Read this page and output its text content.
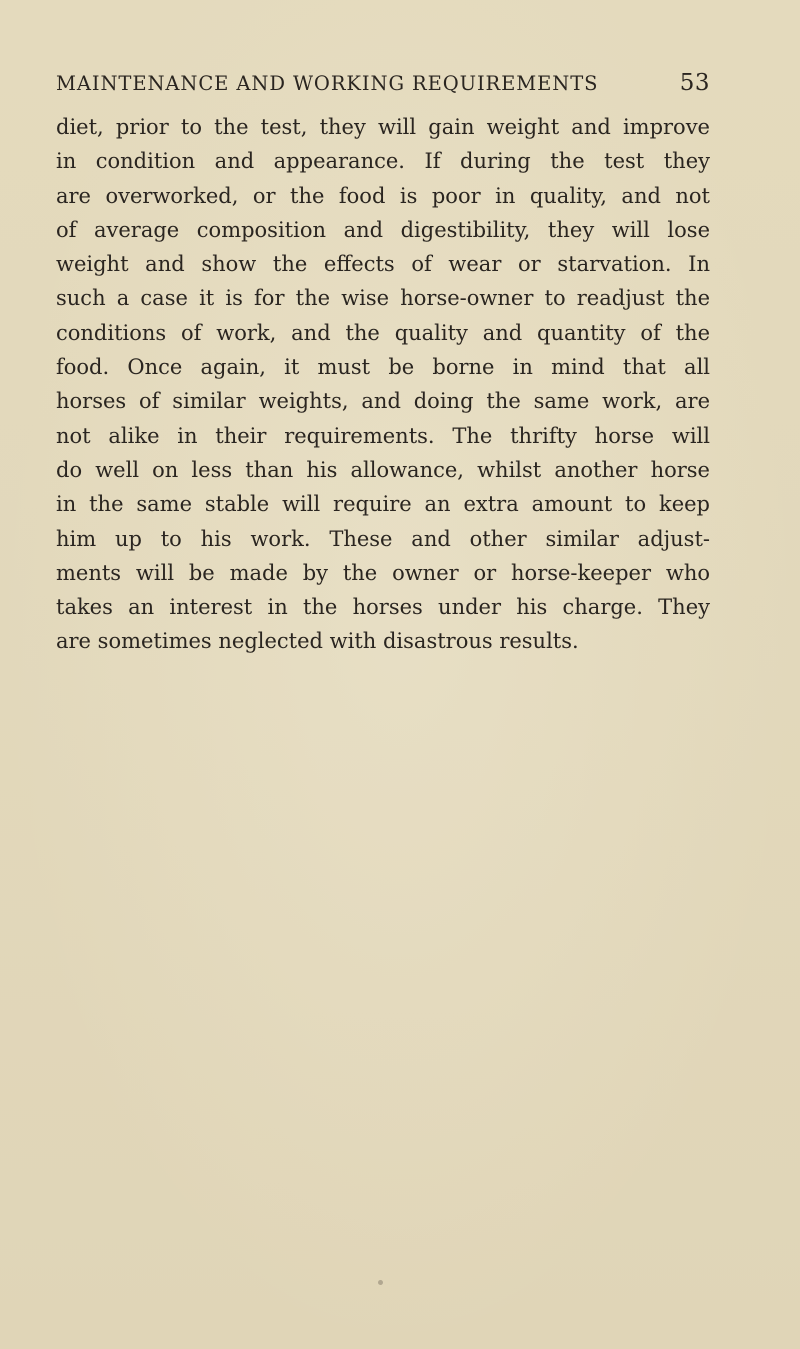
MAINTENANCE AND WORKING REQUIREMENTS	53

diet, prior to the test, they will gain weight and improve
in condition and appearance. If during the test they
are overworked, or the food is poor in quality, and not
of average composition and digestibility, they will lose
weight and show the effects of wear or starvation. In
such a case it is for the wise horse-owner to readjust the
conditions of work, and the quality and quantity of the
food. Once again, it must be borne in mind that all
horses of similar weights, and doing the same work, are
not alike in their requirements. The thrifty horse will
do well on less than his allowance, whilst another horse
in the same stable will require an extra amount to keep
him up to his work. These and other similar adjust-
ments will be made by the owner or horse-keeper who
takes an interest in the horses under his charge. They
are sometimes neglected with disastrous results.
